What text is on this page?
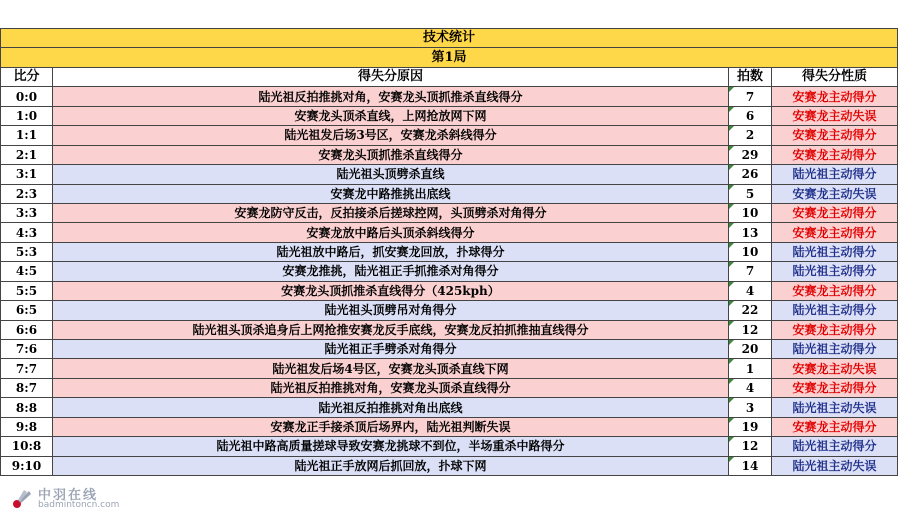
技术统计			
第1局			
比分	得失分原因	拍数	得失分性质
0:0	陆光祖反拍推挑对角，安赛龙头顶抓推杀直线得分	7	安赛龙主动得分
1:0	安赛龙头顶杀直线，上网抢放网下网	6	安赛龙主动失误
1:1	陆光祖发后场3号区，安赛龙杀斜线得分	2	安赛龙主动得分
2:1	安赛龙头顶抓推杀直线得分	29	安赛龙主动得分
3:1	陆光祖头顶劈杀直线	26	陆光祖主动得分
2:3	安赛龙中路推挑出底线	5	安赛龙主动失误
3:3	安赛龙防守反击，反拍接杀后搓球控网，头顶劈杀对角得分	10	安赛龙主动得分
4:3	安赛龙放中路后头顶杀斜线得分	13	安赛龙主动得分
5:3	陆光祖放中路后，抓安赛龙回放，扑球得分	10	陆光祖主动得分
4:5	安赛龙推挑，陆光祖正手抓推杀对角得分	7	陆光祖主动得分
5:5	安赛龙头顶抓推杀直线得分（425kph）	4	安赛龙主动得分
6:5	陆光祖头顶劈吊对角得分	22	陆光祖主动得分
6:6	陆光祖头顶杀追身后上网抢推安赛龙反手底线，安赛龙反拍抓推抽直线得分	12	安赛龙主动得分
7:6	陆光祖正手劈杀对角得分	20	陆光祖主动得分
7:7	陆光祖发后场4号区，安赛龙头顶杀直线下网	1	安赛龙主动失误
8:7	陆光祖反拍推挑对角，安赛龙头顶杀直线得分	4	安赛龙主动得分
8:8	陆光祖反拍推挑对角出底线	3	陆光祖主动失误
9:8	安赛龙正手接杀顶后场界内，陆光祖判断失误	19	安赛龙主动得分
10:8	陆光祖中路高质量搓球导致安赛龙挑球不到位，半场重杀中路得分	12	陆光祖主动得分
9:10	陆光祖正手放网后抓回放，扑球下网	14	陆光祖主动失误
中羽在线
badmintoncn.com
